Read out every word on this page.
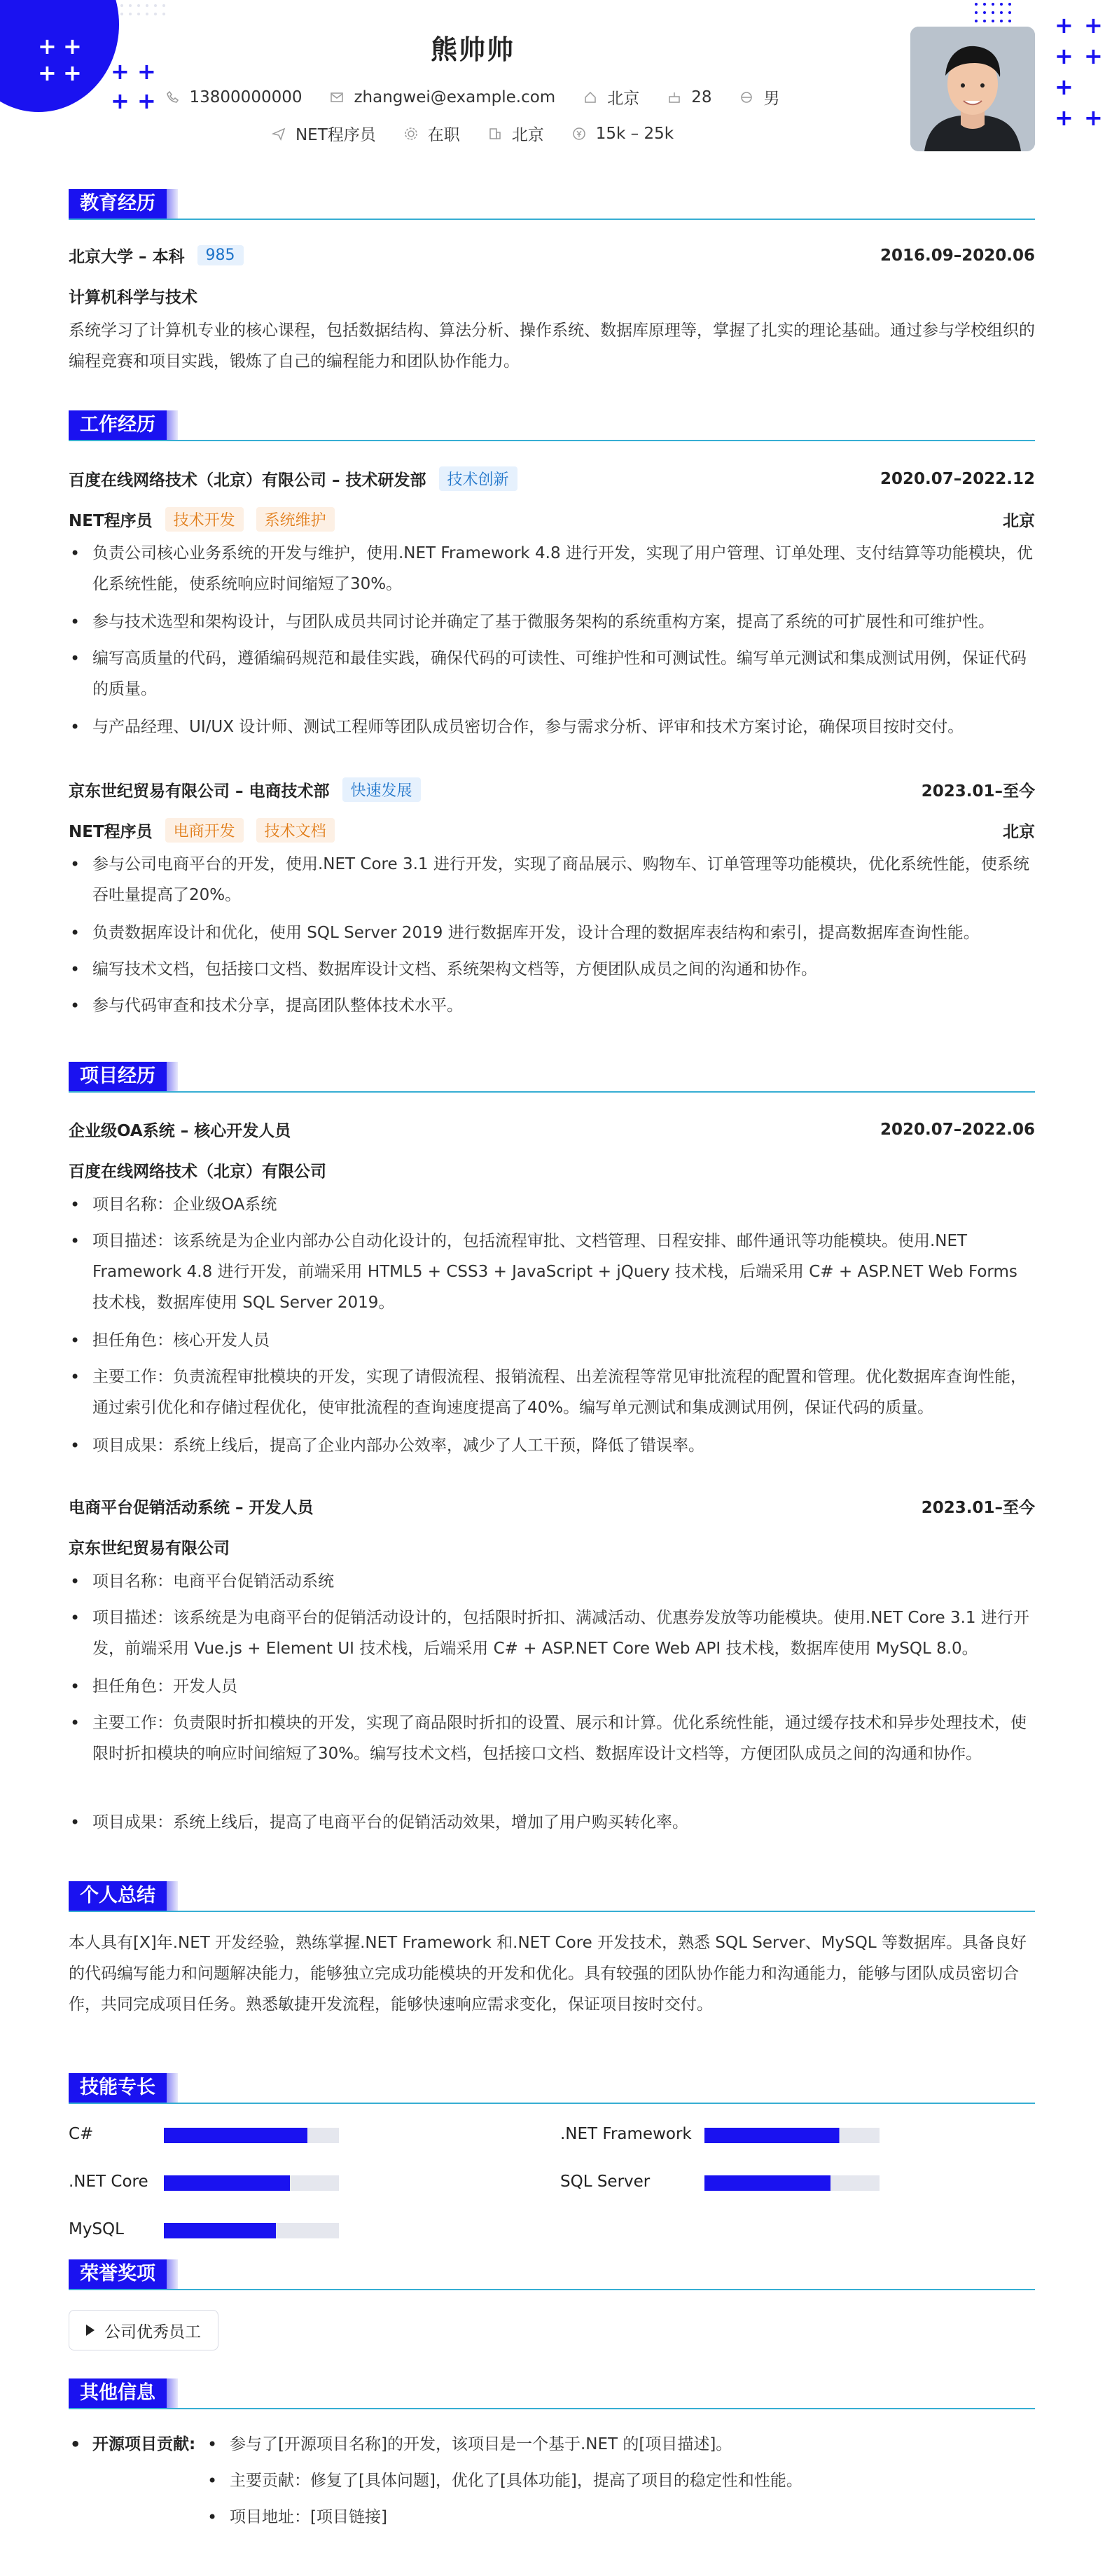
+ +
+ + + +
+ +
+ +
+ +
+
+ +
熊帅帅
13800000000	zhangwei@example.com	北京	28	男
NET程序员	在职	北京	15k – 25k
教育经历
北京大学 – 本科	985	2016.09–2020.06
计算机科学与技术
系统学习了计算机专业的核心课程，包括数据结构、算法分析、操作系统、数据库原理等，掌握了扎实的理论基础。通过参与学校组织的编程竞赛和项目实践，锻炼了自己的编程能力和团队协作能力。
工作经历
百度在线网络技术（北京）有限公司 – 技术研发部	技术创新	2020.07–2022.12
NET程序员	技术开发	系统维护	北京
• 负责公司核心业务系统的开发与维护，使用.NET Framework 4.8 进行开发，实现了用户管理、订单处理、支付结算等功能模块，优化系统性能，使系统响应时间缩短了30%。
• 参与技术选型和架构设计，与团队成员共同讨论并确定了基于微服务架构的系统重构方案，提高了系统的可扩展性和可维护性。
• 编写高质量的代码，遵循编码规范和最佳实践，确保代码的可读性、可维护性和可测试性。编写单元测试和集成测试用例，保证代码的质量。
• 与产品经理、UI/UX 设计师、测试工程师等团队成员密切合作，参与需求分析、评审和技术方案讨论，确保项目按时交付。
京东世纪贸易有限公司 – 电商技术部	快速发展	2023.01–至今
NET程序员	电商开发	技术文档	北京
• 参与公司电商平台的开发，使用.NET Core 3.1 进行开发，实现了商品展示、购物车、订单管理等功能模块，优化系统性能，使系统吞吐量提高了20%。
• 负责数据库设计和优化，使用 SQL Server 2019 进行数据库开发，设计合理的数据库表结构和索引，提高数据库查询性能。
• 编写技术文档，包括接口文档、数据库设计文档、系统架构文档等，方便团队成员之间的沟通和协作。
• 参与代码审查和技术分享，提高团队整体技术水平。
项目经历
企业级OA系统 – 核心开发人员	2020.07–2022.06
百度在线网络技术（北京）有限公司
• 项目名称：企业级OA系统
• 项目描述：该系统是为企业内部办公自动化设计的，包括流程审批、文档管理、日程安排、邮件通讯等功能模块。使用.NET Framework 4.8 进行开发，前端采用 HTML5 + CSS3 + JavaScript + jQuery 技术栈，后端采用 C# + ASP.NET Web Forms 技术栈，数据库使用 SQL Server 2019。
• 担任角色：核心开发人员
• 主要工作：负责流程审批模块的开发，实现了请假流程、报销流程、出差流程等常见审批流程的配置和管理。优化数据库查询性能，通过索引优化和存储过程优化，使审批流程的查询速度提高了40%。编写单元测试和集成测试用例，保证代码的质量。
• 项目成果：系统上线后，提高了企业内部办公效率，减少了人工干预，降低了错误率。
电商平台促销活动系统 – 开发人员	2023.01–至今
京东世纪贸易有限公司
• 项目名称：电商平台促销活动系统
• 项目描述：该系统是为电商平台的促销活动设计的，包括限时折扣、满减活动、优惠券发放等功能模块。使用.NET Core 3.1 进行开发，前端采用 Vue.js + Element UI 技术栈，后端采用 C# + ASP.NET Core Web API 技术栈，数据库使用 MySQL 8.0。
• 担任角色：开发人员
• 主要工作：负责限时折扣模块的开发，实现了商品限时折扣的设置、展示和计算。优化系统性能，通过缓存技术和异步处理技术，使限时折扣模块的响应时间缩短了30%。编写技术文档，包括接口文档、数据库设计文档等，方便团队成员之间的沟通和协作。
• 项目成果：系统上线后，提高了电商平台的促销活动效果，增加了用户购买转化率。
个人总结
本人具有[X]年.NET 开发经验，熟练掌握.NET Framework 和.NET Core 开发技术，熟悉 SQL Server、MySQL 等数据库。具备良好的代码编写能力和问题解决能力，能够独立完成功能模块的开发和优化。具有较强的团队协作能力和沟通能力，能够与团队成员密切合作，共同完成项目任务。熟悉敏捷开发流程，能够快速响应需求变化，保证项目按时交付。
技能专长
C#	.NET Framework
.NET Core	SQL Server
MySQL
荣誉奖项
公司优秀员工
其他信息
• 开源项目贡献:
•	参与了[开源项目名称]的开发，该项目是一个基于.NET 的[项目描述]。
• 主要贡献：修复了[具体问题]，优化了[具体功能]，提高了项目的稳定性和性能。
• 项目地址：[项目链接]
